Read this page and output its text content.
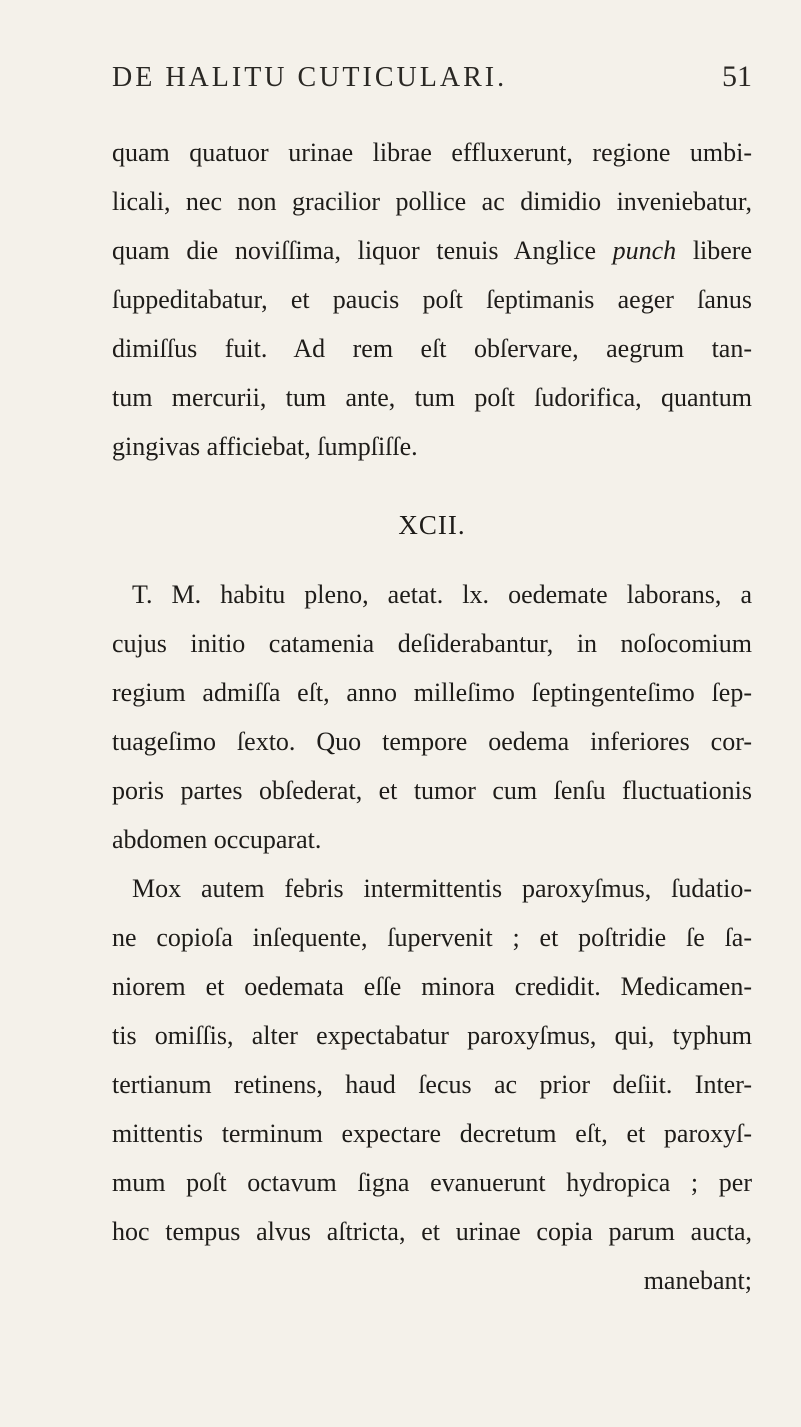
DE HALITU CUTICULARI.	51
quam quatuor urinae librae effluxerunt, regione umbi-
licali, nec non gracilior pollice ac dimidio inveniebatur,
quam die noviſſima, liquor tenuis Anglice punch libere
ſuppeditabatur, et paucis poſt ſeptimanis aeger ſanus
dimiſſus fuit. Ad rem eſt obſervare, aegrum tan-
tum mercurii, tum ante, tum poſt ſudorifica, quantum
gingivas afficiebat, ſumpſiſſe.
XCII.
T. M. habitu pleno, aetat. lx. oedemate laborans, a
cujus initio catamenia deſiderabantur, in noſocomium
regium admiſſa eſt, anno milleſimo ſeptingenteſimo ſep-
tuageſimo ſexto. Quo tempore oedema inferiores cor-
poris partes obſederat, et tumor cum ſenſu fluctuationis
abdomen occuparat.
Mox autem febris intermittentis paroxyſmus, ſudatio-
ne copioſa inſequente, ſupervenit ; et poſtridie ſe ſa-
niorem et oedemata eſſe minora credidit. Medicamen-
tis omiſſis, alter expectabatur paroxyſmus, qui, typhum
tertianum retinens, haud ſecus ac prior deſiit. Inter-
mittentis terminum expectare decretum eſt, et paroxyſ-
mum poſt octavum ſigna evanuerunt hydropica ; per
hoc tempus alvus aſtricta, et urinae copia parum aucta,
manebant;
